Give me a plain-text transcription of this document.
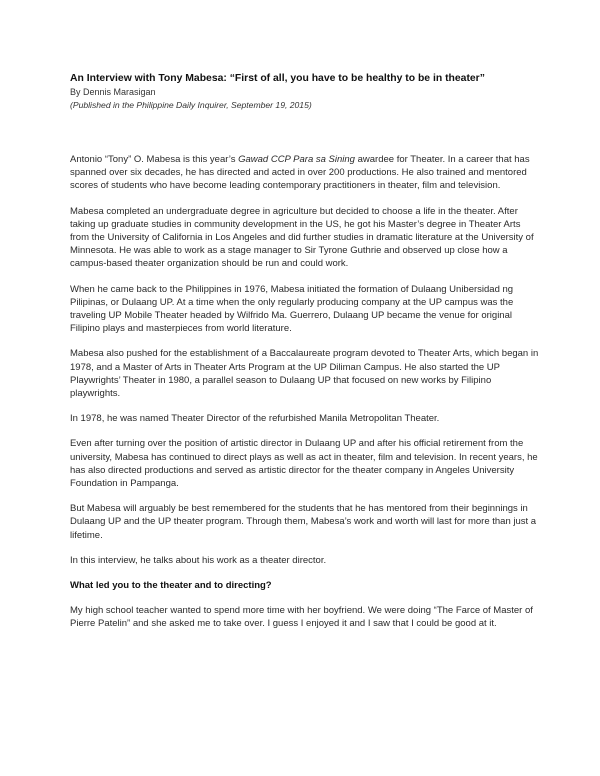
An Interview with Tony Mabesa: “First of all, you have to be healthy to be in theater”
By Dennis Marasigan
(Published in the Philippine Daily Inquirer, September 19, 2015)

Antonio “Tony” O. Mabesa is this year’s Gawad CCP Para sa Sining awardee for Theater. In a career that has spanned over six decades, he has directed and acted in over 200 productions. He also trained and mentored scores of students who have become leading contemporary practitioners in theater, film and television.

Mabesa completed an undergraduate degree in agriculture but decided to choose a life in the theater. After taking up graduate studies in community development in the US, he got his Master’s degree in Theater Arts from the University of California in Los Angeles and did further studies in dramatic literature at the University of Minnesota. He was able to work as a stage manager to Sir Tyrone Guthrie and observed up close how a campus-based theater organization should be run and could work.

When he came back to the Philippines in 1976, Mabesa initiated the formation of Dulaang Unibersidad ng Pilipinas, or Dulaang UP. At a time when the only regularly producing company at the UP campus was the traveling UP Mobile Theater headed by Wilfrido Ma. Guerrero, Dulaang UP became the venue for original Filipino plays and masterpieces from world literature.

Mabesa also pushed for the establishment of a Baccalaureate program devoted to Theater Arts, which began in 1978, and a Master of Arts in Theater Arts Program at the UP Diliman Campus. He also started the UP Playwrights’ Theater in 1980, a parallel season to Dulaang UP that focused on new works by Filipino playwrights.

In 1978, he was named Theater Director of the refurbished Manila Metropolitan Theater.

Even after turning over the position of artistic director in Dulaang UP and after his official retirement from the university, Mabesa has continued to direct plays as well as act in theater, film and television. In recent years, he has also directed productions and served as artistic director for the theater company in Angeles University Foundation in Pampanga.

But Mabesa will arguably be best remembered for the students that he has mentored from their beginnings in Dulaang UP and the UP theater program. Through them, Mabesa’s work and worth will last for more than just a lifetime.

In this interview, he talks about his work as a theater director.

What led you to the theater and to directing?

My high school teacher wanted to spend more time with her boyfriend. We were doing “The Farce of Master of Pierre Patelin” and she asked me to take over. I guess I enjoyed it and I saw that I could be good at it.
